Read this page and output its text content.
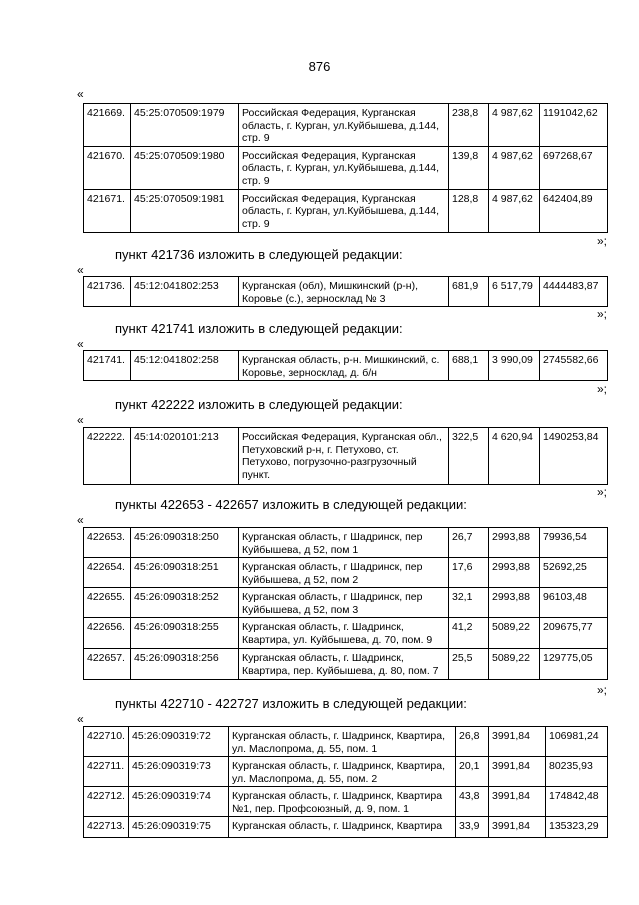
876
«
421669.	45:25:070509:1979	Российская Федерация, Курганская область, г. Курган, ул.Куйбышева, д.144, стр. 9	238,8	4 987,62	1191042,62
421670.	45:25:070509:1980	Российская Федерация, Курганская область, г. Курган, ул.Куйбышева, д.144, стр. 9	139,8	4 987,62	697268,67
421671.	45:25:070509:1981	Российская Федерация, Курганская область, г. Курган, ул.Куйбышева, д.144, стр. 9	128,8	4 987,62	642404,89
»;
пункт 421736 изложить в следующей редакции:
«
421736.	45:12:041802:253	Курганская (обл), Мишкинский (р-н), Коровье (с.), зерносклад № 3	681,9	6 517,79	4444483,87
»;
пункт 421741 изложить в следующей редакции:
«
421741.	45:12:041802:258	Курганская область, р-н. Мишкинский, с. Коровье, зерносклад, д. б/н	688,1	3 990,09	2745582,66
»;
пункт 422222 изложить в следующей редакции:
«
422222.	45:14:020101:213	Российская Федерация, Курганская обл., Петуховский р-н, г. Петухово, ст. Петухово, погрузочно-разгрузочный пункт.	322,5	4 620,94	1490253,84
»;
пункты 422653 - 422657 изложить в следующей редакции:
«
422653.	45:26:090318:250	Курганская область, г Шадринск, пер Куйбышева, д 52, пом 1	26,7	2993,88	79936,54
422654.	45:26:090318:251	Курганская область, г Шадринск, пер Куйбышева, д 52, пом 2	17,6	2993,88	52692,25
422655.	45:26:090318:252	Курганская область, г Шадринск, пер Куйбышева, д 52, пом 3	32,1	2993,88	96103,48
422656.	45:26:090318:255	Курганская область, г. Шадринск, Квартира, ул. Куйбышева, д. 70, пом. 9	41,2	5089,22	209675,77
422657.	45:26:090318:256	Курганская область, г. Шадринск, Квартира, пер. Куйбышева, д. 80, пом. 7	25,5	5089,22	129775,05
»;
пункты 422710 - 422727 изложить в следующей редакции:
«
422710.	45:26:090319:72	Курганская область, г. Шадринск, Квартира, ул. Маслопрома, д. 55, пом. 1	26,8	3991,84	106981,24
422711.	45:26:090319:73	Курганская область, г. Шадринск, Квартира, ул. Маслопрома, д. 55, пом. 2	20,1	3991,84	80235,93
422712.	45:26:090319:74	Курганская область, г. Шадринск, Квартира №1, пер. Профсоюзный, д. 9, пом. 1	43,8	3991,84	174842,48
422713.	45:26:090319:75	Курганская область, г. Шадринск, Квартира	33,9	3991,84	135323,29
